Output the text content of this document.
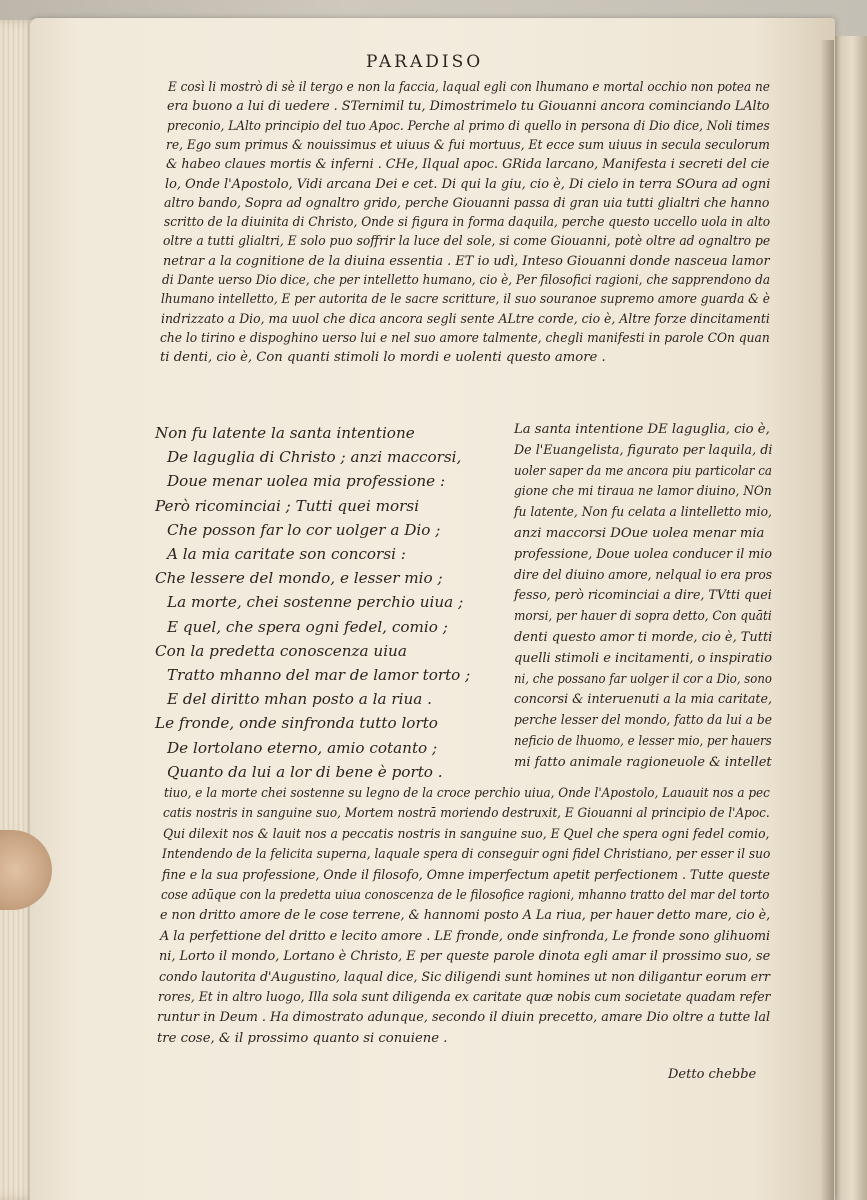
PARADISO
E così li mostrò di sè il tergo e non la faccia, laqual egli con lhumano e mortal occhio non potea ne
era buono a lui di uedere . STernimil tu, Dimostrimelo tu Giouanni ancora cominciando LAlto
preconio, LAlto principio del tuo Apoc. Perche al primo di quello in persona di Dio dice, Noli times
re, Ego sum primus & nouissimus et uiuus & fui mortuus, Et ecce sum uiuus in secula seculorum
& habeo claues mortis & inferni . CHe, Ilqual apoc. GRida larcano, Manifesta i secreti del cie
lo, Onde l'Apostolo, Vidi arcana Dei e cet. Di qui la giu, cio è, Di cielo in terra SOura ad ogni
altro bando, Sopra ad ognaltro grido, perche Giouanni passa di gran uia tutti glialtri che hanno
scritto de la diuinita di Christo, Onde si figura in forma daquila, perche questo uccello uola in alto
oltre a tutti glialtri, E solo puo soffrir la luce del sole, si come Giouanni, potè oltre ad ognaltro pe
netrar a la cognitione de la diuina essentia . ET io udì, Inteso Giouanni donde nasceua lamor
di Dante uerso Dio dice, che per intelletto humano, cio è, Per filosofici ragioni, che sapprendono da
lhumano intelletto, E per autorita de le sacre scritture, il suo souranoe supremo amore guarda & è
indrizzato a Dio, ma uuol che dica ancora segli sente ALtre corde, cio è, Altre forze dincitamenti
che lo tirino e dispoghino uerso lui e nel suo amore talmente, chegli manifesti in parole COn quan
ti denti, cio è, Con quanti stimoli lo mordi e uolenti questo amore .
Non fu latente la santa intentione
De laguglia di Christo ; anzi maccorsi,
Doue menar uolea mia professione :
Però ricominciai ; Tutti quei morsi
Che posson far lo cor uolger a Dio ;
A la mia caritate son concorsi :
Che lessere del mondo, e lesser mio ;
La morte, chei sostenne perchio uiua ;
E quel, che spera ogni fedel, comio ;
Con la predetta conoscenza uiua
Tratto mhanno del mar de lamor torto ;
E del diritto mhan posto a la riua .
Le fronde, onde sinfronda tutto lorto
De lortolano eterno, amio cotanto ;
Quanto da lui a lor di bene è porto .
La santa intentione DE laguglia, cio è,
De l'Euangelista, figurato per laquila, di
uoler saper da me ancora piu particolar ca
gione che mi tiraua ne lamor diuino, NOn
fu latente, Non fu celata a lintelletto mio,
anzi maccorsi DOue uolea menar mia
professione, Doue uolea conducer il mio
dire del diuino amore, nelqual io era pros
fesso, però ricominciai a dire, TVtti quei
morsi, per hauer di sopra detto, Con quāti
denti questo amor ti morde, cio è, Tutti
quelli stimoli e incitamenti, o inspiratio
ni, che possano far uolger il cor a Dio, sono
concorsi & interuenuti a la mia caritate,
perche lesser del mondo, fatto da lui a be
neficio de lhuomo, e lesser mio, per hauers
mi fatto animale ragioneuole & intellet
tiuo, e la morte chei sostenne su legno de la croce perchio uiua, Onde l'Apostolo, Lauauit nos a pec
catis nostris in sanguine suo, Mortem nostrā moriendo destruxit, E Giouanni al principio de l'Apoc.
Qui dilexit nos & lauit nos a peccatis nostris in sanguine suo, E Quel che spera ogni fedel comio,
Intendendo de la felicita superna, laquale spera di conseguir ogni fidel Christiano, per esser il suo
fine e la sua professione, Onde il filosofo, Omne imperfectum apetit perfectionem . Tutte queste
cose adūque con la predetta uiua conoscenza de le filosofice ragioni, mhanno tratto del mar del torto
e non dritto amore de le cose terrene, & hannomi posto A La riua, per hauer detto mare, cio è,
A la perfettione del dritto e lecito amore . LE fronde, onde sinfronda, Le fronde sono glihuomi
ni, Lorto il mondo, Lortano è Christo, E per queste parole dinota egli amar il prossimo suo, se
condo lautorita d'Augustino, laqual dice, Sic diligendi sunt homines ut non diligantur eorum err
rores, Et in altro luogo, Illa sola sunt diligenda ex caritate quæ nobis cum societate quadam refer
runtur in Deum . Ha dimostrato adunque, secondo il diuin precetto, amare Dio oltre a tutte lal
tre cose, & il prossimo quanto si conuiene .
Detto chebbe
